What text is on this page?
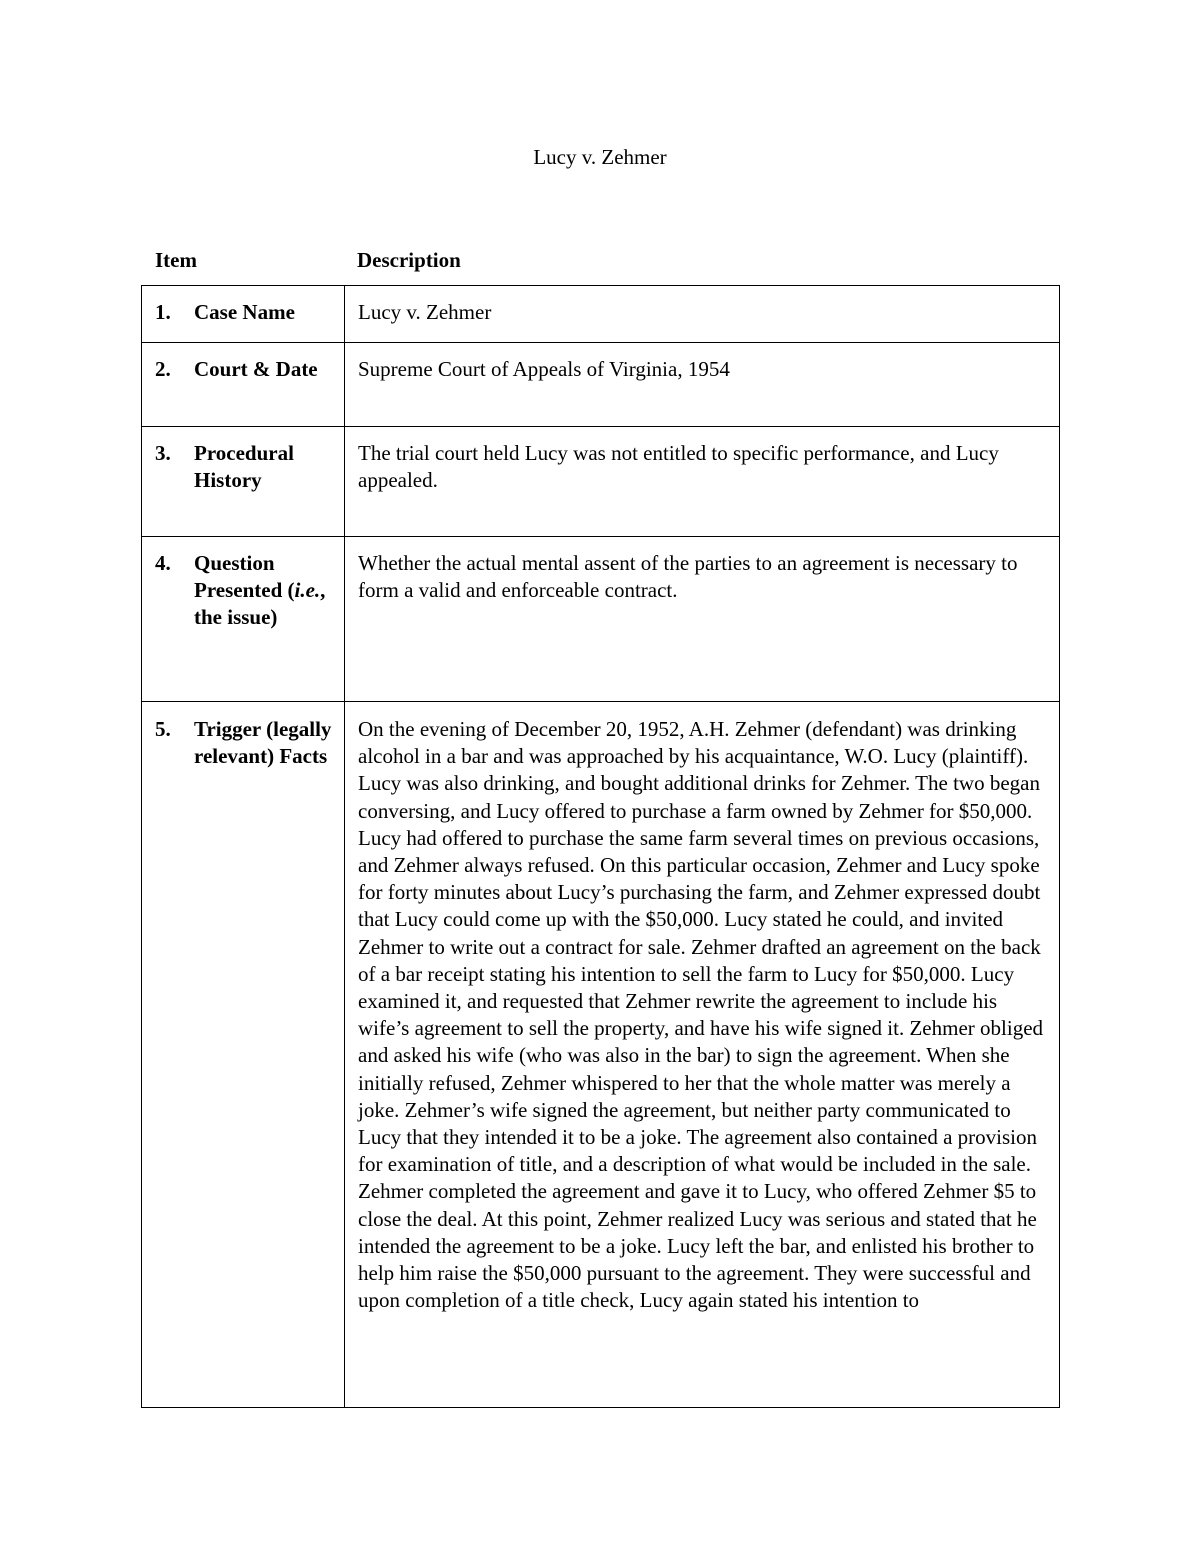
Lucy v. Zehmer
Item	Description
1. Case Name	Lucy v. Zehmer

2. Court & Date	Supreme Court of Appeals of Virginia, 1954

3. Procedural History	The trial court held Lucy was not entitled to specific performance, and Lucy appealed.

4. Question Presented (i.e., the issue)	Whether the actual mental assent of the parties to an agreement is necessary to form a valid and enforceable contract.

5. Trigger (legally relevant) Facts	On the evening of December 20, 1952, A.H. Zehmer (defendant) was drinking alcohol in a bar and was approached by his acquaintance, W.O. Lucy (plaintiff). Lucy was also drinking, and bought additional drinks for Zehmer. The two began conversing, and Lucy offered to purchase a farm owned by Zehmer for $50,000. Lucy had offered to purchase the same farm several times on previous occasions, and Zehmer always refused. On this particular occasion, Zehmer and Lucy spoke for forty minutes about Lucy’s purchasing the farm, and Zehmer expressed doubt that Lucy could come up with the $50,000. Lucy stated he could, and invited Zehmer to write out a contract for sale. Zehmer drafted an agreement on the back of a bar receipt stating his intention to sell the farm to Lucy for $50,000. Lucy examined it, and requested that Zehmer rewrite the agreement to include his wife’s agreement to sell the property, and have his wife signed it. Zehmer obliged and asked his wife (who was also in the bar) to sign the agreement. When she initially refused, Zehmer whispered to her that the whole matter was merely a joke. Zehmer’s wife signed the agreement, but neither party communicated to Lucy that they intended it to be a joke. The agreement also contained a provision for examination of title, and a description of what would be included in the sale. Zehmer completed the agreement and gave it to Lucy, who offered Zehmer $5 to close the deal. At this point, Zehmer realized Lucy was serious and stated that he intended the agreement to be a joke. Lucy left the bar, and enlisted his brother to help him raise the $50,000 pursuant to the agreement. They were successful and upon completion of a title check, Lucy again stated his intention to
